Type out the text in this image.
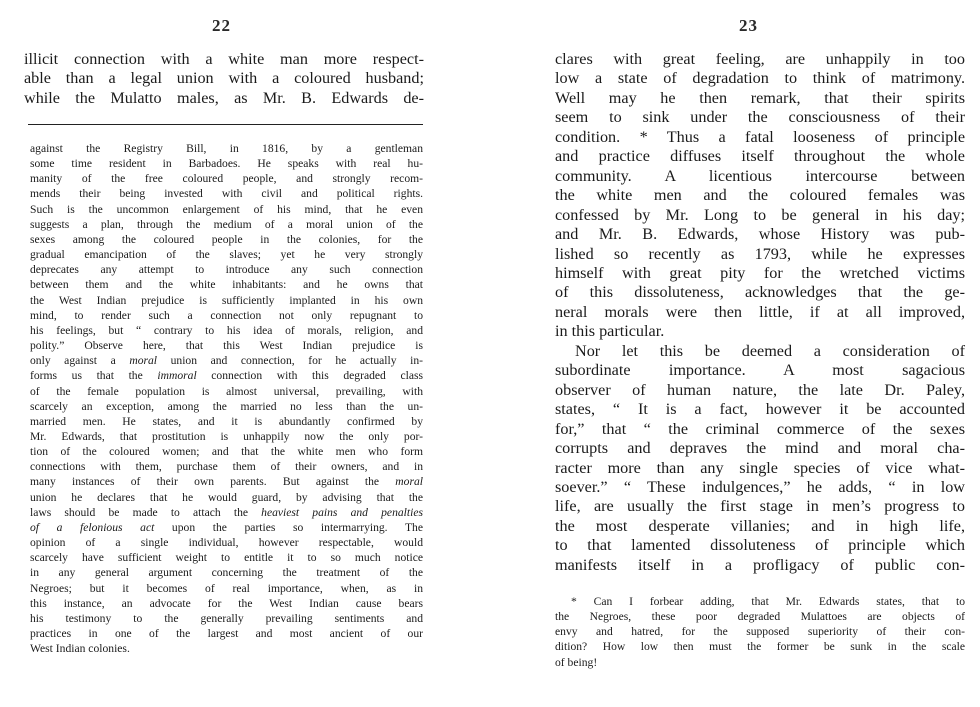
22
illicit connection with a white man more respect-
able than a legal union with a coloured husband;
while the Mulatto males, as Mr. B. Edwards de-
against the Registry Bill, in 1816, by a gentleman
some time resident in Barbadoes. He speaks with real hu-
manity of the free coloured people, and strongly recom-
mends their being invested with civil and political rights.
Such is the uncommon enlargement of his mind, that he even
suggests a plan, through the medium of a moral union of the
sexes among the coloured people in the colonies, for the
gradual emancipation of the slaves; yet he very strongly
deprecates any attempt to introduce any such connection
between them and the white inhabitants: and he owns that
the West Indian prejudice is sufficiently implanted in his own
mind, to render such a connection not only repugnant to
his feelings, but “ contrary to his idea of morals, religion, and
polity.” Observe here, that this West Indian prejudice is
only against a moral union and connection, for he actually in-
forms us that the immoral connection with this degraded class
of the female population is almost universal, prevailing, with
scarcely an exception, among the married no less than the un-
married men. He states, and it is abundantly confirmed by
Mr. Edwards, that prostitution is unhappily now the only por-
tion of the coloured women; and that the white men who form
connections with them, purchase them of their owners, and in
many instances of their own parents. But against the moral
union he declares that he would guard, by advising that the
laws should be made to attach the heaviest pains and penalties
of a felonious act upon the parties so intermarrying. The
opinion of a single individual, however respectable, would
scarcely have sufficient weight to entitle it to so much notice
in any general argument concerning the treatment of the
Negroes; but it becomes of real importance, when, as in
this instance, an advocate for the West Indian cause bears
his testimony to the generally prevailing sentiments and
practices in one of the largest and most ancient of our
West Indian colonies.
23
clares with great feeling, are unhappily in too
low a state of degradation to think of matrimony.
Well may he then remark, that their spirits
seem to sink under the consciousness of their
condition. * Thus a fatal looseness of principle
and practice diffuses itself throughout the whole
community. A licentious intercourse between
the white men and the coloured females was
confessed by Mr. Long to be general in his day;
and Mr. B. Edwards, whose History was pub-
lished so recently as 1793, while he expresses
himself with great pity for the wretched victims
of this dissoluteness, acknowledges that the ge-
neral morals were then little, if at all improved,
in this particular.
Nor let this be deemed a consideration of
subordinate importance. A most sagacious
observer of human nature, the late Dr. Paley,
states, “ It is a fact, however it be accounted
for,” that “ the criminal commerce of the sexes
corrupts and depraves the mind and moral cha-
racter more than any single species of vice what-
soever.” “ These indulgences,” he adds, “ in low
life, are usually the first stage in men’s progress to
the most desperate villanies; and in high life,
to that lamented dissoluteness of principle which
manifests itself in a profligacy of public con-
* Can I forbear adding, that Mr. Edwards states, that to
the Negroes, these poor degraded Mulattoes are objects of
envy and hatred, for the supposed superiority of their con-
dition? How low then must the former be sunk in the scale
of being!
